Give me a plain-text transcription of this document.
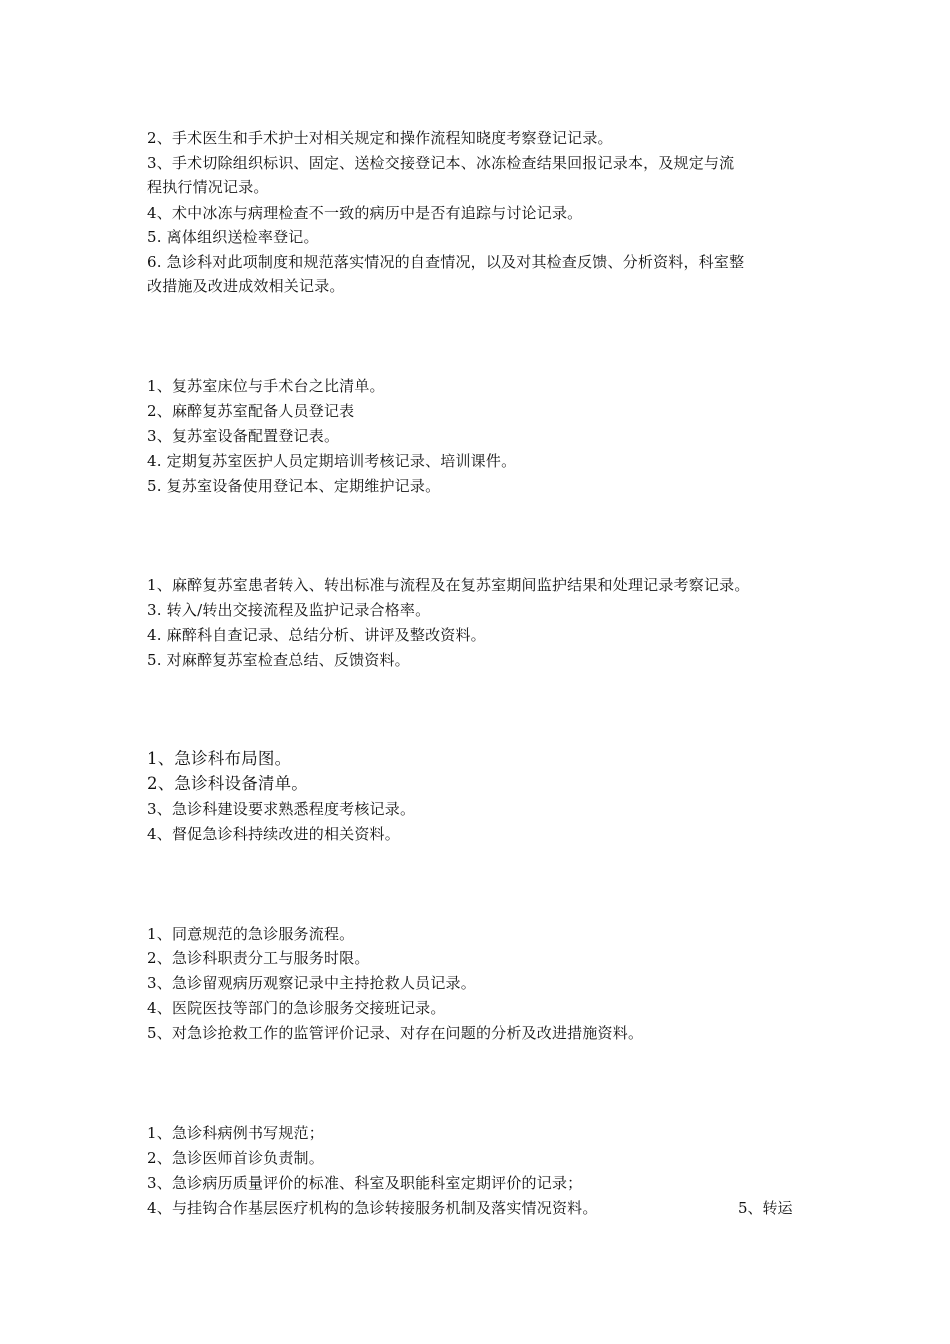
2、手术医生和手术护士对相关规定和操作流程知晓度考察登记记录。
3、手术切除组织标识、固定、送检交接登记本、冰冻检查结果回报记录本，及规定与流
程执行情况记录。
4、术中冰冻与病理检查不一致的病历中是否有追踪与讨论记录。
5. 离体组织送检率登记。
6. 急诊科对此项制度和规范落实情况的自查情况，以及对其检查反馈、分析资料，科室整
改措施及改进成效相关记录。
1、复苏室床位与手术台之比清单。
2、麻醉复苏室配备人员登记表
3、复苏室设备配置登记表。
4. 定期复苏室医护人员定期培训考核记录、培训课件。
5. 复苏室设备使用登记本、定期维护记录。
1、麻醉复苏室患者转入、转出标准与流程及在复苏室期间监护结果和处理记录考察记录。
3. 转入/转出交接流程及监护记录合格率。
4. 麻醉科自查记录、总结分析、讲评及整改资料。
5. 对麻醉复苏室检查总结、反馈资料。
1、急诊科布局图。
2、急诊科设备清单。
3、急诊科建设要求熟悉程度考核记录。
4、督促急诊科持续改进的相关资料。
1、同意规范的急诊服务流程。
2、急诊科职责分工与服务时限。
3、急诊留观病历观察记录中主持抢救人员记录。
4、医院医技等部门的急诊服务交接班记录。
5、对急诊抢救工作的监管评价记录、对存在问题的分析及改进措施资料。
1、急诊科病例书写规范；
2、急诊医师首诊负责制。
3、急诊病历质量评价的标准、科室及职能科室定期评价的记录；
4、与挂钩合作基层医疗机构的急诊转接服务机制及落实情况资料。	5、转运
